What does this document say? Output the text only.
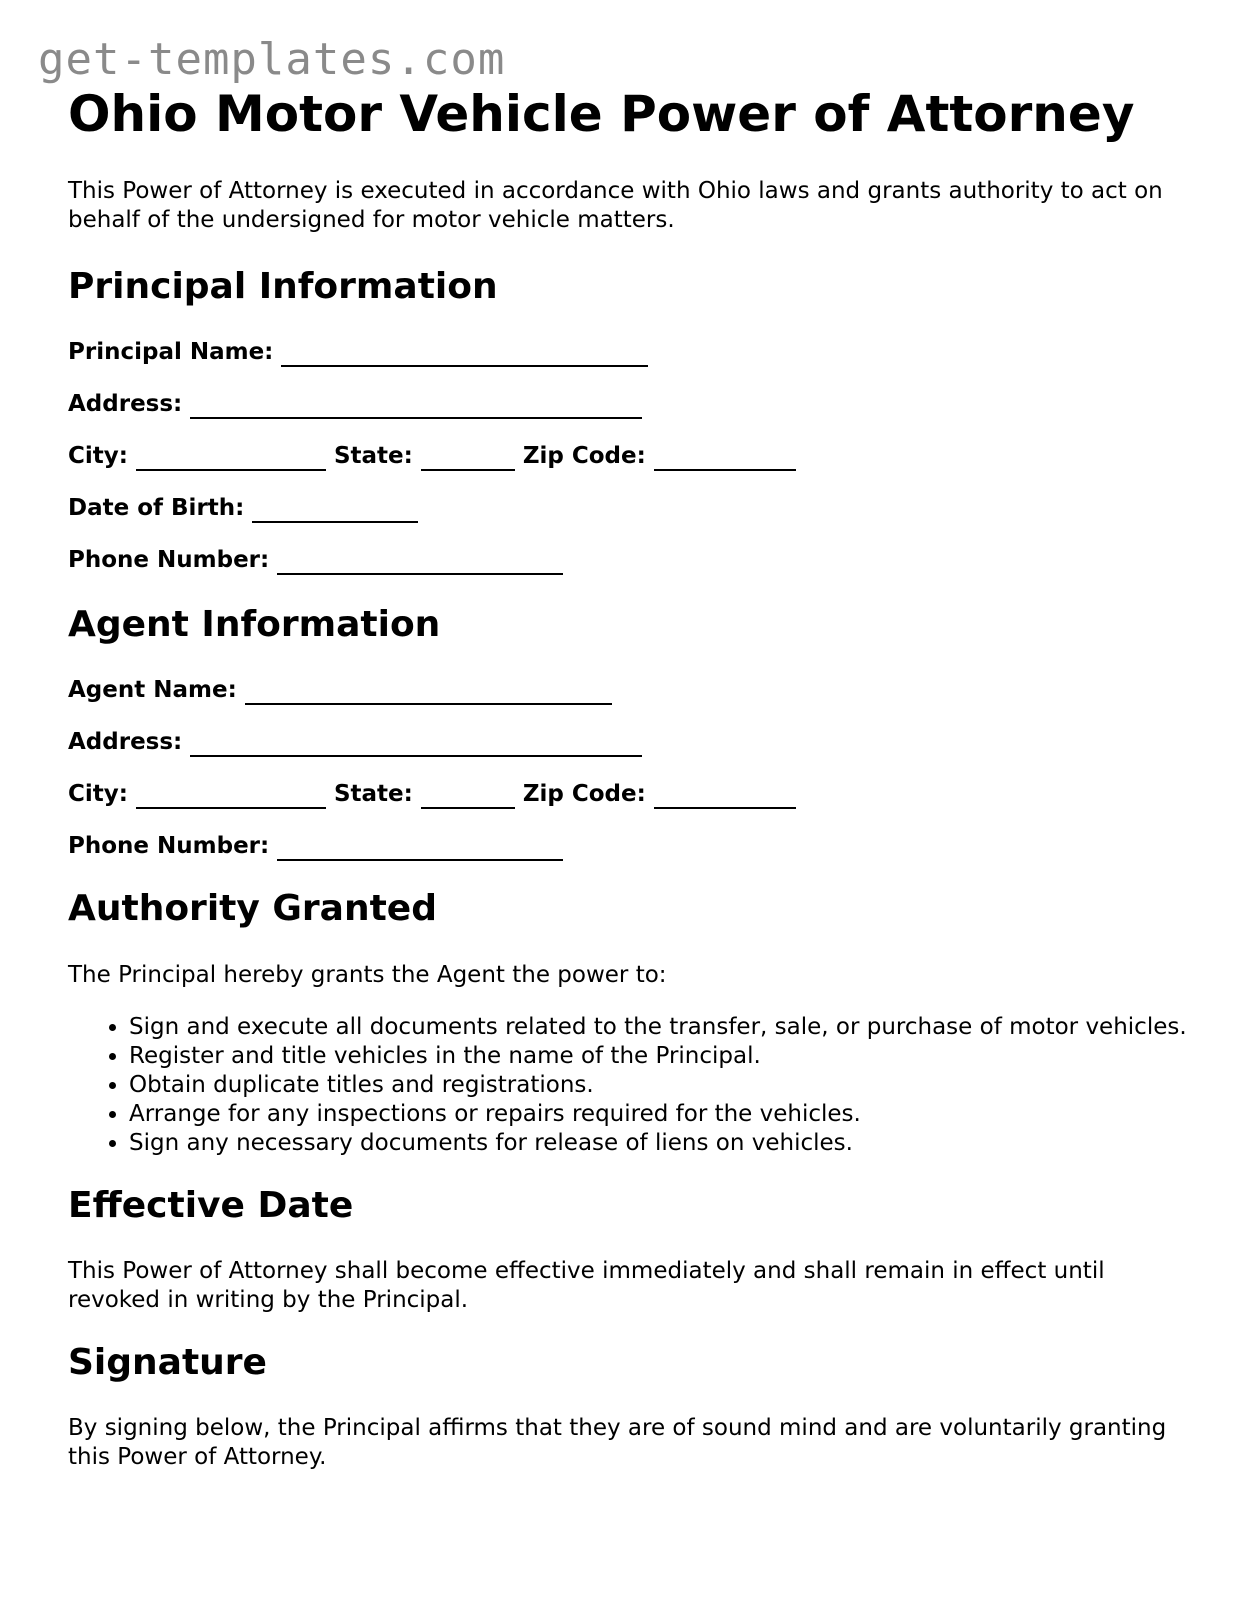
get-templates.com
Ohio Motor Vehicle Power of Attorney

This Power of Attorney is executed in accordance with Ohio laws and grants authority to act on behalf of the undersigned for motor vehicle matters.

Principal Information
Principal Name:
Address:
City:	State:	Zip Code:
Date of Birth:
Phone Number:
Agent Information
Agent Name:
Address:
City:	State:	Zip Code:
Phone Number:
Authority Granted

The Principal hereby grants the Agent the power to:

• Sign and execute all documents related to the transfer, sale, or purchase of motor vehicles.
• Register and title vehicles in the name of the Principal.
• Obtain duplicate titles and registrations.
• Arrange for any inspections or repairs required for the vehicles.
• Sign any necessary documents for release of liens on vehicles.
Effective Date

This Power of Attorney shall become effective immediately and shall remain in effect until revoked in writing by the Principal.

Signature

By signing below, the Principal affirms that they are of sound mind and are voluntarily granting this Power of Attorney.
